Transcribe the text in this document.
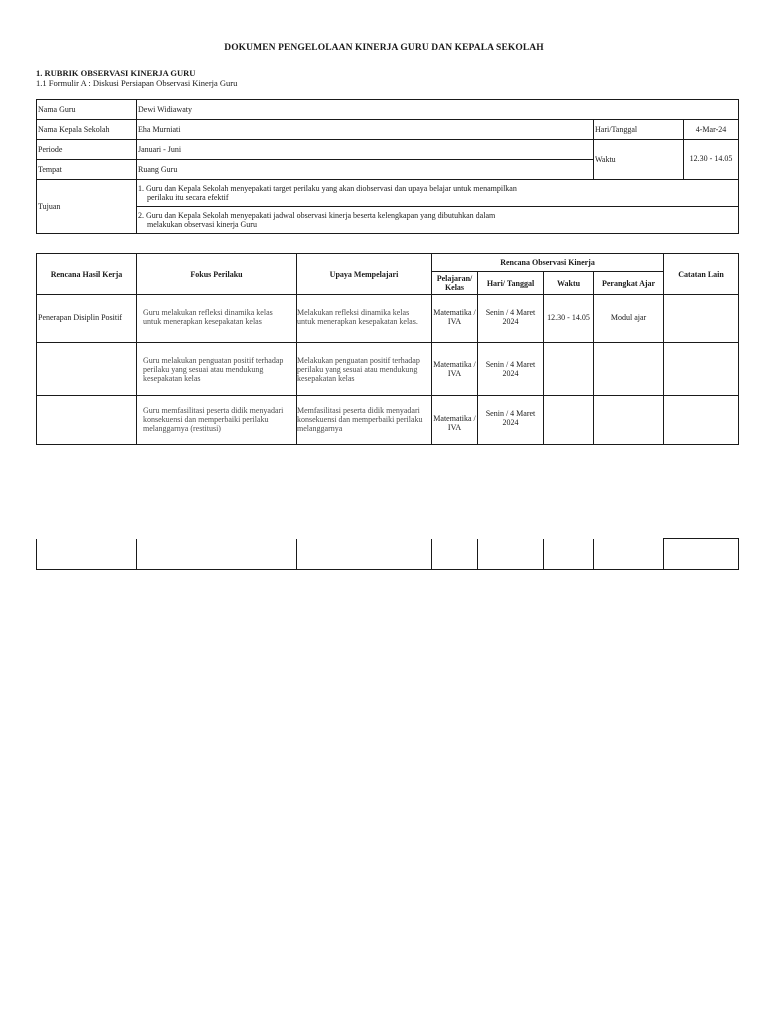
DOKUMEN PENGELOLAAN KINERJA GURU DAN KEPALA SEKOLAH
1. RUBRIK OBSERVASI KINERJA GURU
1.1 Formulir A : Diskusi Persiapan Observasi Kinerja Guru
Nama Guru	Dewi Widiawaty		
Nama Kepala Sekolah	Eha Murniati	Hari/Tanggal	4-Mar-24
Periode	Januari - Juni	Waktu	12.30 - 14.05
Tempat	Ruang Guru		
Tujuan	1. Guru dan Kepala Sekolah menyepakati target perilaku yang akan diobservasi dan upaya belajar untuk menampilkan
perilaku itu secara efektif		

	2. Guru dan Kepala Sekolah menyepakati jadwal observasi kinerja beserta kelengkapan yang dibutuhkan dalam
melakukan observasi kinerja Guru		
Rencana Hasil Kerja	Fokus Perilaku	Upaya Mempelajari	Rencana Observasi Kinerja				Catatan Lain
			Pelajaran/
Kelas	Hari/ Tanggal	Waktu	Perangkat Ajar	
Penerapan Disiplin Positif	Guru melakukan refleksi dinamika kelas untuk menerapkan kesepakatan kelas	Melakukan refleksi dinamika kelas untuk menerapkan kesepakatan kelas.	Matematika / IVA	Senin / 4 Maret
2024	12.30 - 14.05	Modul ajar	
	Guru melakukan penguatan positif terhadap perilaku yang sesuai atau mendukung kesepakatan kelas	Melakukan penguatan positif terhadap perilaku yang sesuai atau mendukung kesepakatan kelas	Matematika / IVA	Senin / 4 Maret
2024			
	Guru memfasilitasi peserta didik menyadari konsekuensi dan memperbaiki perilaku melanggarnya (restitusi)	Memfasilitasi peserta didik menyadari konsekuensi dan memperbaiki perilaku melanggarnya	Matematika / IVA	Senin / 4 Maret
2024			
